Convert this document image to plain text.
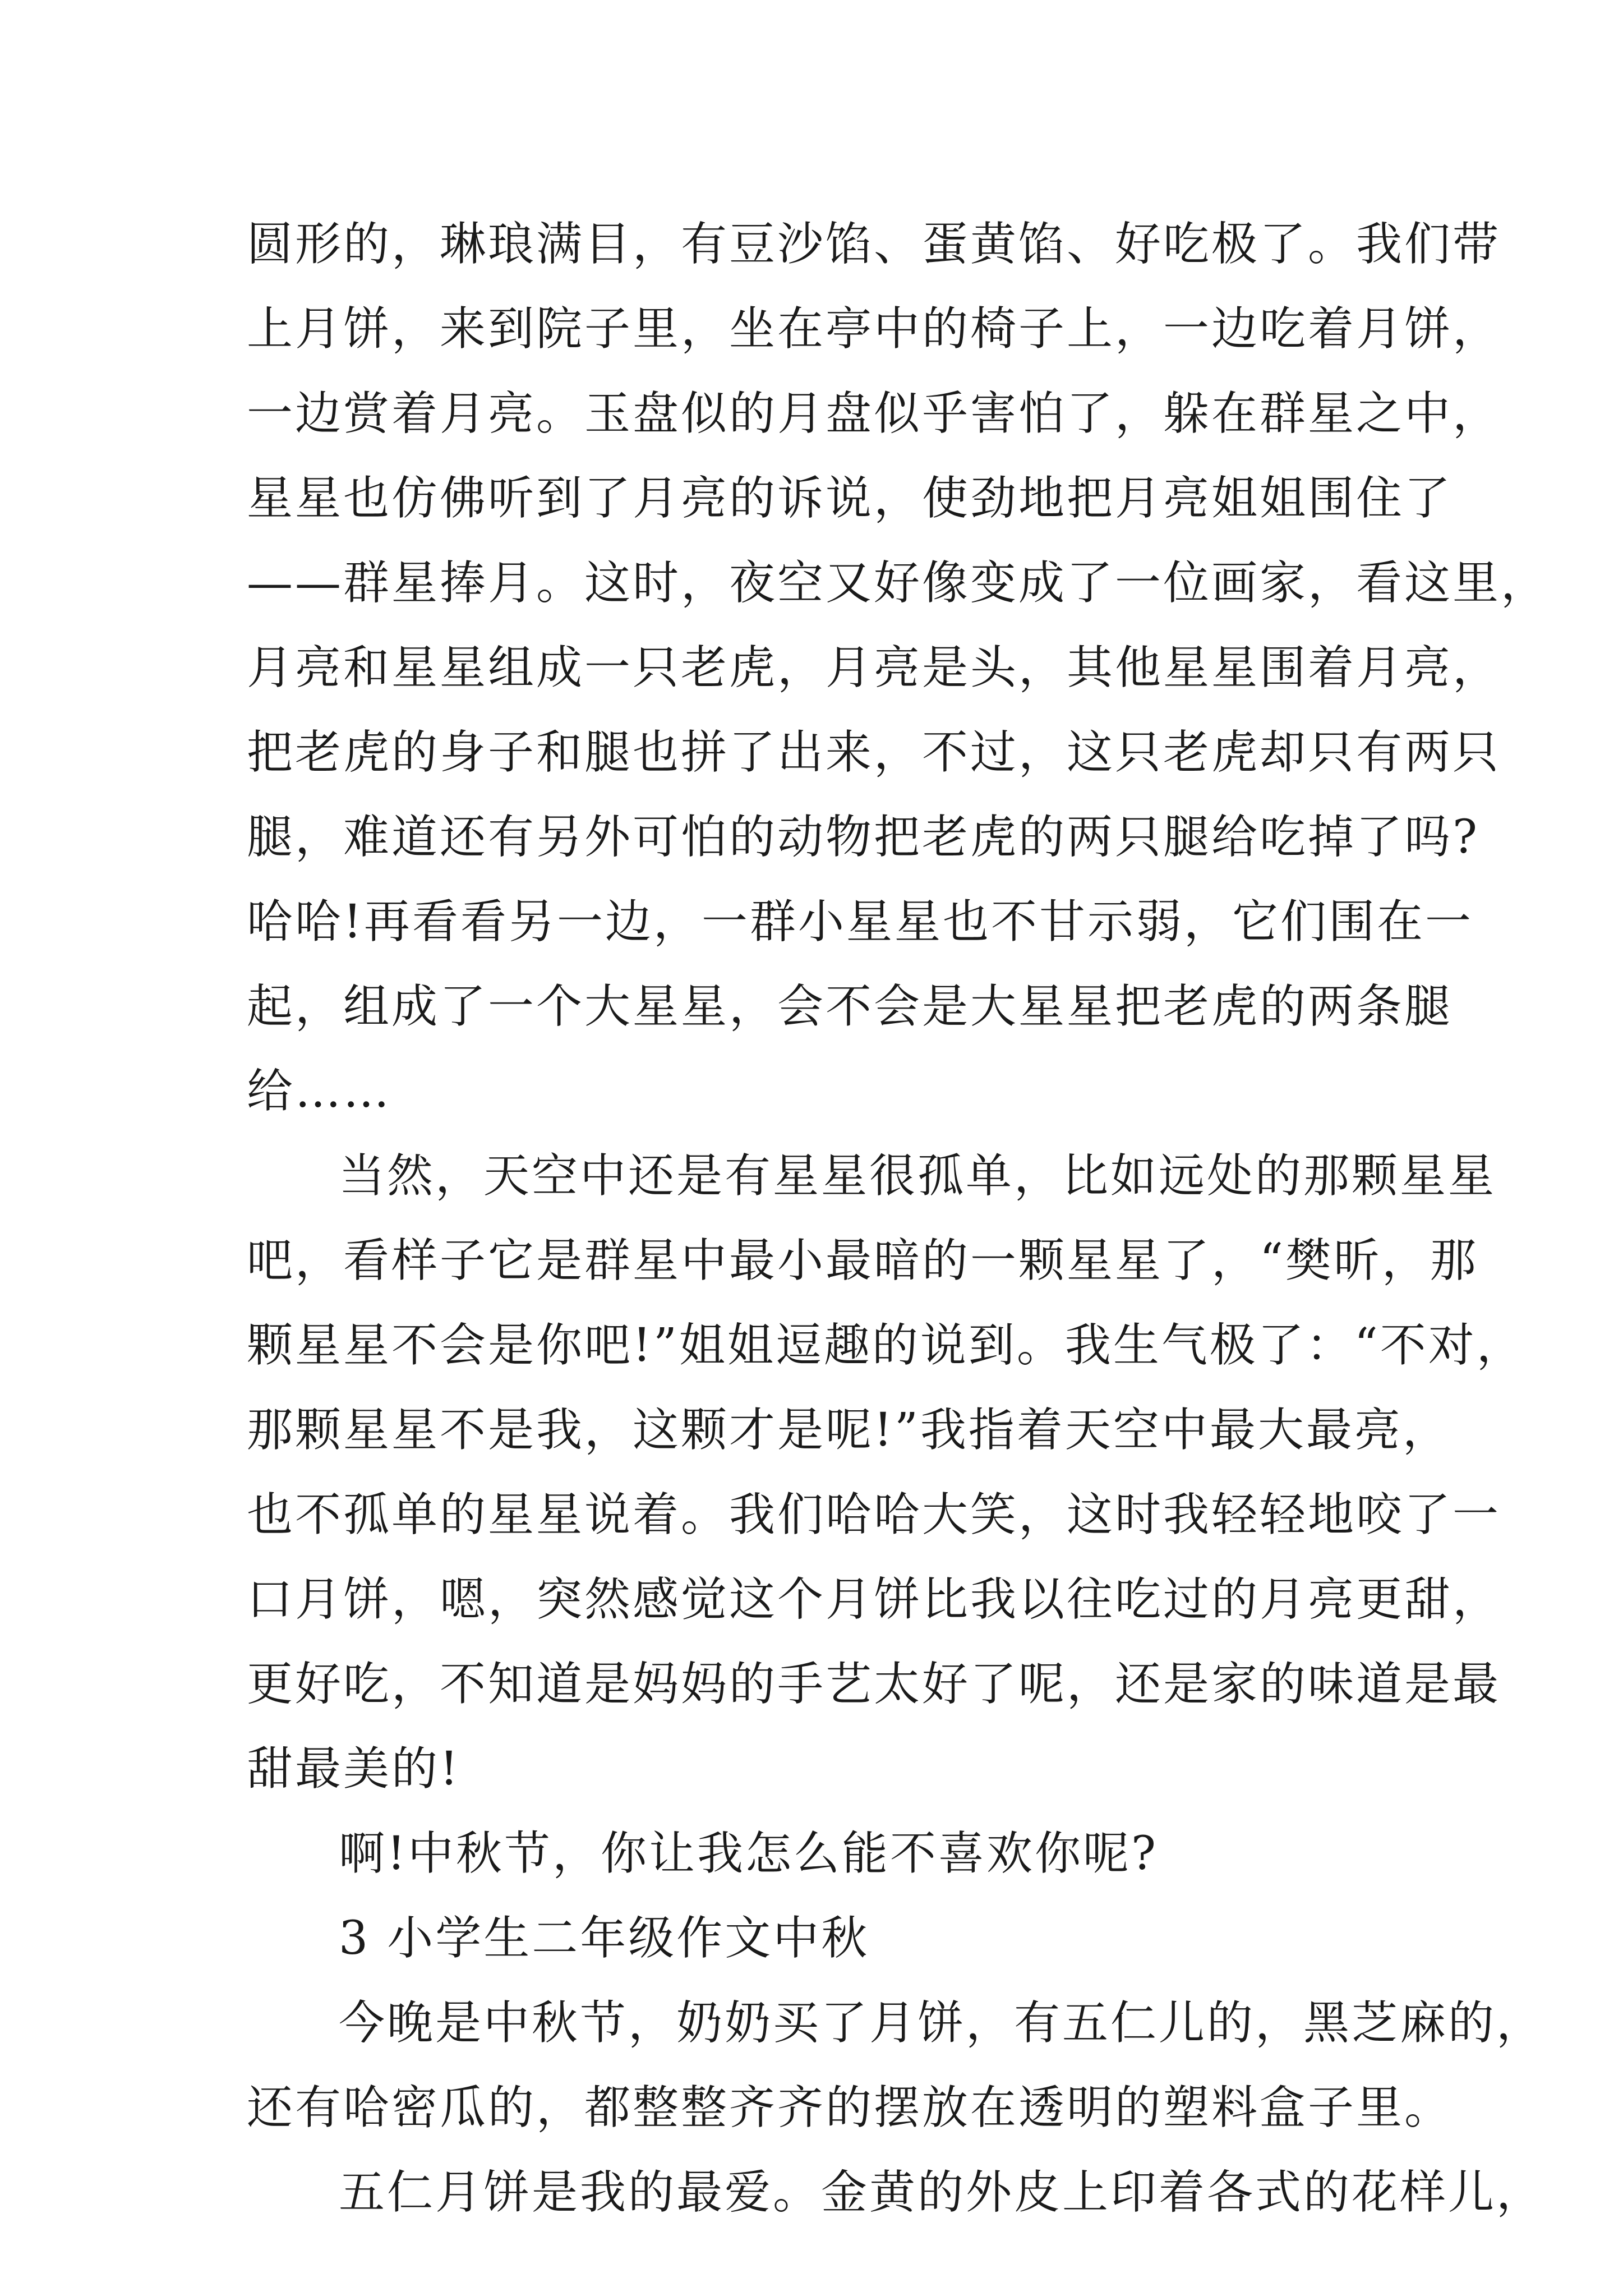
圆形的，琳琅满目，有豆沙馅、蛋黄馅、好吃极了。我们带
上月饼，来到院子里，坐在亭中的椅子上，一边吃着月饼，
一边赏着月亮。玉盘似的月盘似乎害怕了，躲在群星之中，
星星也仿佛听到了月亮的诉说，使劲地把月亮姐姐围住了
——群星捧月。这时，夜空又好像变成了一位画家，看这里，
月亮和星星组成一只老虎，月亮是头，其他星星围着月亮，
把老虎的身子和腿也拼了出来，不过，这只老虎却只有两只
腿，难道还有另外可怕的动物把老虎的两只腿给吃掉了吗?
哈哈!再看看另一边，一群小星星也不甘示弱，它们围在一
起，组成了一个大星星，会不会是大星星把老虎的两条腿
给……
当然，天空中还是有星星很孤单，比如远处的那颗星星
吧，看样子它是群星中最小最暗的一颗星星了，“樊昕，那
颗星星不会是你吧!”姐姐逗趣的说到。我生气极了：“不对，
那颗星星不是我，这颗才是呢!”我指着天空中最大最亮，
也不孤单的星星说着。我们哈哈大笑，这时我轻轻地咬了一
口月饼，嗯，突然感觉这个月饼比我以往吃过的月亮更甜，
更好吃，不知道是妈妈的手艺太好了呢，还是家的味道是最
甜最美的!
啊!中秋节，你让我怎么能不喜欢你呢?
3 小学生二年级作文中秋
今晚是中秋节，奶奶买了月饼，有五仁儿的，黑芝麻的，
还有哈密瓜的，都整整齐齐的摆放在透明的塑料盒子里。
五仁月饼是我的最爱。金黄的外皮上印着各式的花样儿，
